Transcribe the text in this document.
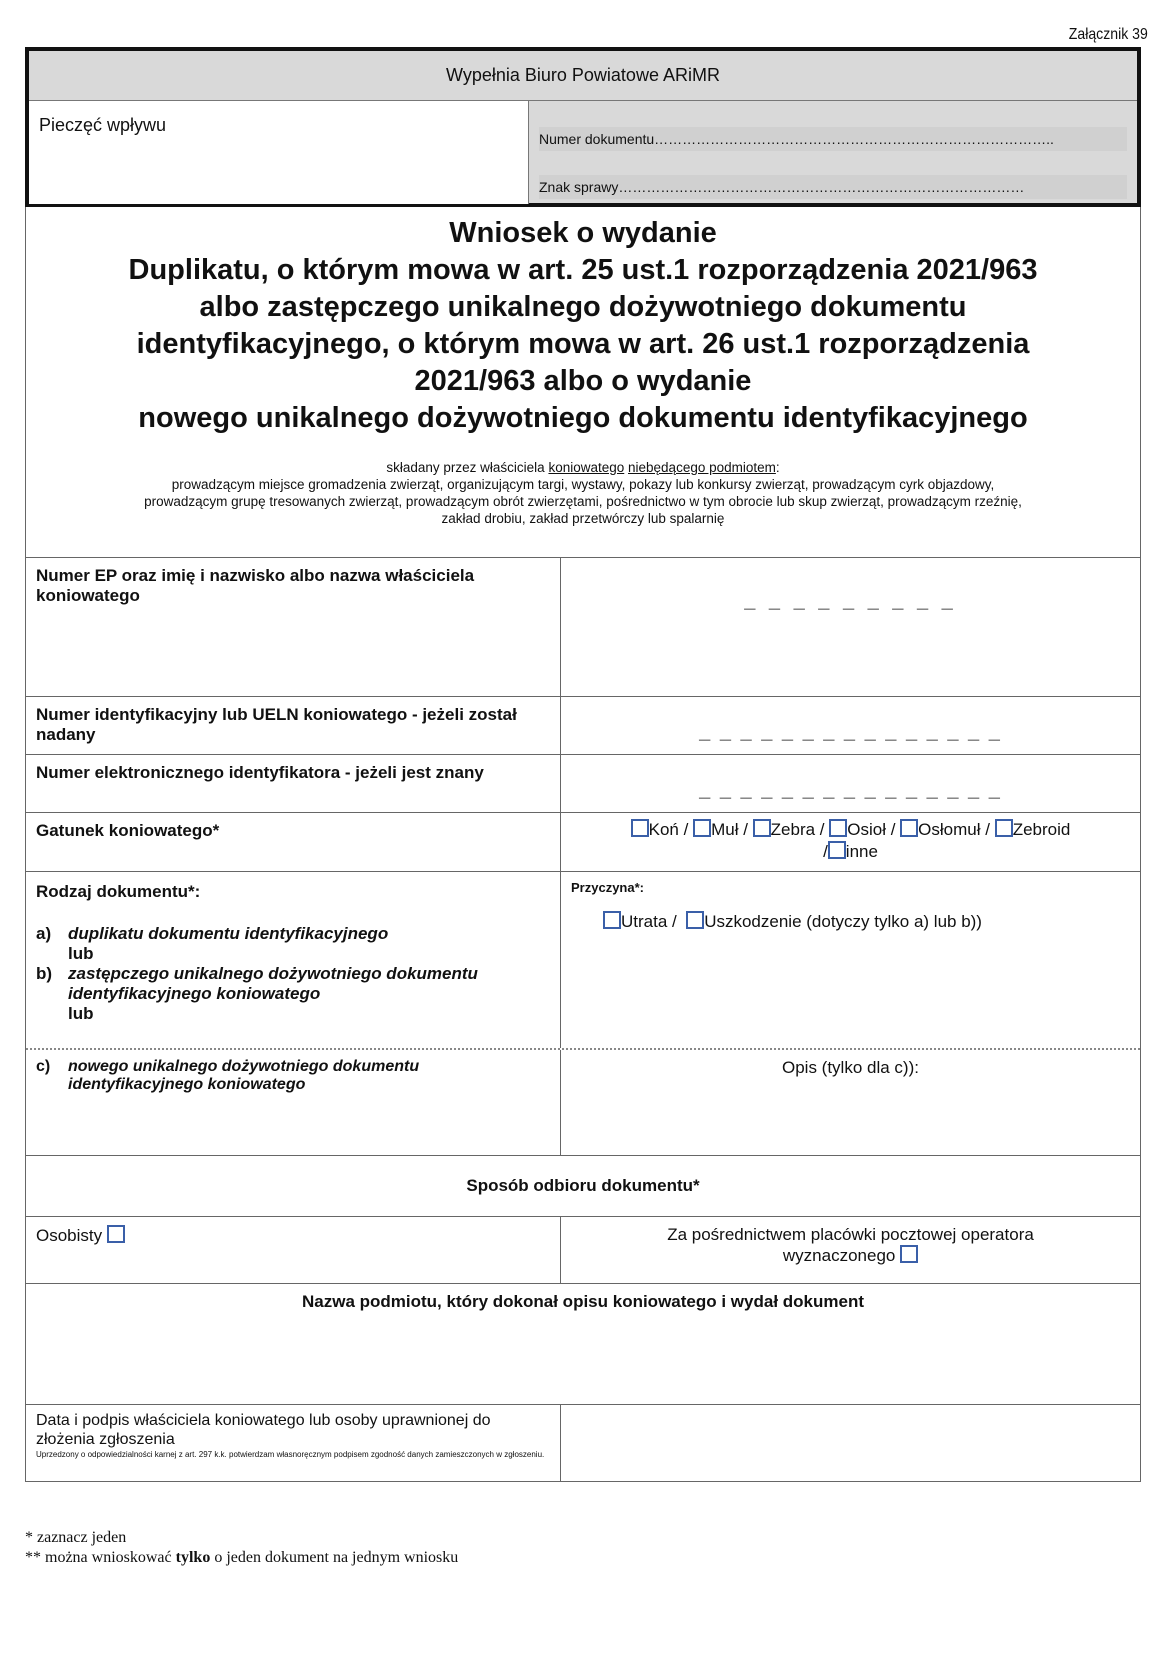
Załącznik 39
Wypełnia Biuro Powiatowe ARiMR
Pieczęć wpływu
Numer dokumentu…………………………………………………………………………..
Znak sprawy……………………………………………………………………………
Wniosek o wydanie
Duplikatu, o którym mowa w art. 25 ust.1 rozporządzenia 2021/963
albo zastępczego unikalnego dożywotniego dokumentu
identyfikacyjnego, o którym mowa w art. 26 ust.1 rozporządzenia
2021/963 albo o wydanie
nowego unikalnego dożywotniego dokumentu identyfikacyjnego
składany przez właściciela koniowatego niebędącego podmiotem:
prowadzącym miejsce gromadzenia zwierząt, organizującym targi, wystawy, pokazy lub konkursy zwierząt, prowadzącym cyrk objazdowy,
prowadzącym grupę tresowanych zwierząt, prowadzącym obrót zwierzętami, pośrednictwo w tym obrocie lub skup zwierząt, prowadzącym rzeźnię,
zakład drobiu, zakład przetwórczy lub spalarnię
Numer EP oraz imię i nazwisko albo nazwa właściciela koniowatego	_ _ _ _ _ _ _ _ _
Numer identyfikacyjny lub UELN koniowatego - jeżeli został nadany	_ _ _ _ _ _ _ _ _ _ _ _ _ _ _
Numer elektronicznego identyfikatora - jeżeli jest znany
_ _ _ _ _ _ _ _ _ _ _ _ _ _ _
Gatunek koniowatego*	Koń / Muł / Zebra / Osioł / Osłomuł / Zebroid
/ inne
Rodzaj dokumentu*:
a) duplikatu dokumentu identyfikacyjnego
lub
b) zastępczego unikalnego dożywotniego dokumentu identyfikacyjnego koniowatego
lub
Przyczyna*:
Utrata / Uszkodzenie (dotyczy tylko a) lub b))
c)	nowego unikalnego dożywotniego dokumentu identyfikacyjnego koniowatego
Opis (tylko dla c)):
Sposób odbioru dokumentu*
Osobisty	Za pośrednictwem placówki pocztowej operatora wyznaczonego
Nazwa podmiotu, który dokonał opisu koniowatego i wydał dokument
Data i podpis właściciela koniowatego lub osoby uprawnionej do złożenia zgłoszenia
Uprzedzony o odpowiedzialności karnej z art. 297 k.k. potwierdzam własnoręcznym podpisem zgodność danych zamieszczonych w zgłoszeniu.
* zaznacz jeden
** można wnioskować tylko o jeden dokument na jednym wniosku
